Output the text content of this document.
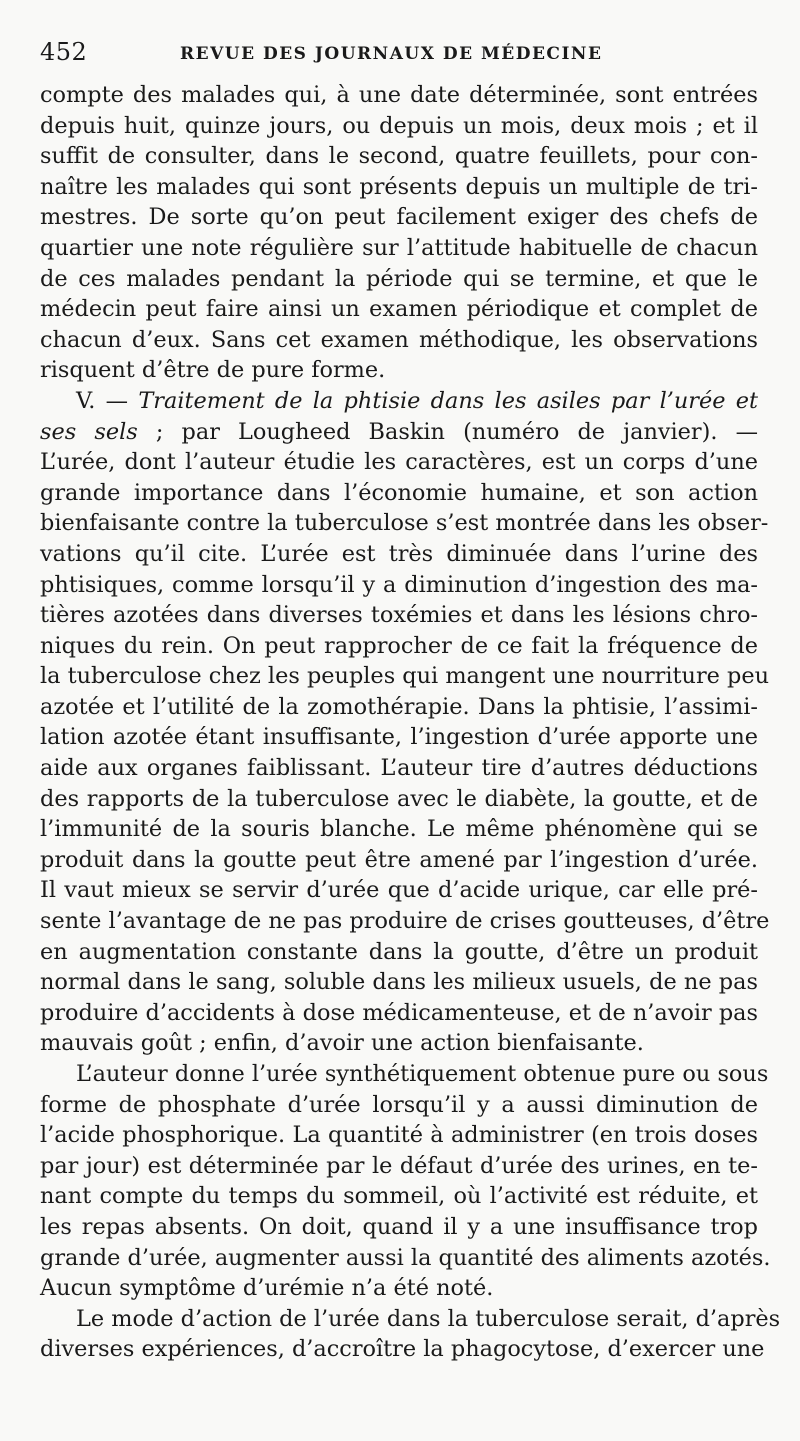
452	REVUE DES JOURNAUX DE MÉDECINE
compte des malades qui, à une date déterminée, sont entrées
depuis huit, quinze jours, ou depuis un mois, deux mois ; et il
suffit de consulter, dans le second, quatre feuillets, pour con-
naître les malades qui sont présents depuis un multiple de tri-
mestres. De sorte qu’on peut facilement exiger des chefs de
quartier une note régulière sur l’attitude habituelle de chacun
de ces malades pendant la période qui se termine, et que le
médecin peut faire ainsi un examen périodique et complet de
chacun d’eux. Sans cet examen méthodique, les observations
risquent d’être de pure forme.
V. — Traitement de la phtisie dans les asiles par l’urée et
ses sels ; par Lougheed Baskin (numéro de janvier). —
L’urée, dont l’auteur étudie les caractères, est un corps d’une
grande importance dans l’économie humaine, et son action
bienfaisante contre la tuberculose s’est montrée dans les obser-
vations qu’il cite. L’urée est très diminuée dans l’urine des
phtisiques, comme lorsqu’il y a diminution d’ingestion des ma-
tières azotées dans diverses toxémies et dans les lésions chro-
niques du rein. On peut rapprocher de ce fait la fréquence de
la tuberculose chez les peuples qui mangent une nourriture peu
azotée et l’utilité de la zomothérapie. Dans la phtisie, l’assimi-
lation azotée étant insuffisante, l’ingestion d’urée apporte une
aide aux organes faiblissant. L’auteur tire d’autres déductions
des rapports de la tuberculose avec le diabète, la goutte, et de
l’immunité de la souris blanche. Le même phénomène qui se
produit dans la goutte peut être amené par l’ingestion d’urée.
Il vaut mieux se servir d’urée que d’acide urique, car elle pré-
sente l’avantage de ne pas produire de crises goutteuses, d’être
en augmentation constante dans la goutte, d’être un produit
normal dans le sang, soluble dans les milieux usuels, de ne pas
produire d’accidents à dose médicamenteuse, et de n’avoir pas
mauvais goût ; enfin, d’avoir une action bienfaisante.
L’auteur donne l’urée synthétiquement obtenue pure ou sous
forme de phosphate d’urée lorsqu’il y a aussi diminution de
l’acide phosphorique. La quantité à administrer (en trois doses
par jour) est déterminée par le défaut d’urée des urines, en te-
nant compte du temps du sommeil, où l’activité est réduite, et
les repas absents. On doit, quand il y a une insuffisance trop
grande d’urée, augmenter aussi la quantité des aliments azotés.
Aucun symptôme d’urémie n’a été noté.
Le mode d’action de l’urée dans la tuberculose serait, d’après
diverses expériences, d’accroître la phagocytose, d’exercer une
